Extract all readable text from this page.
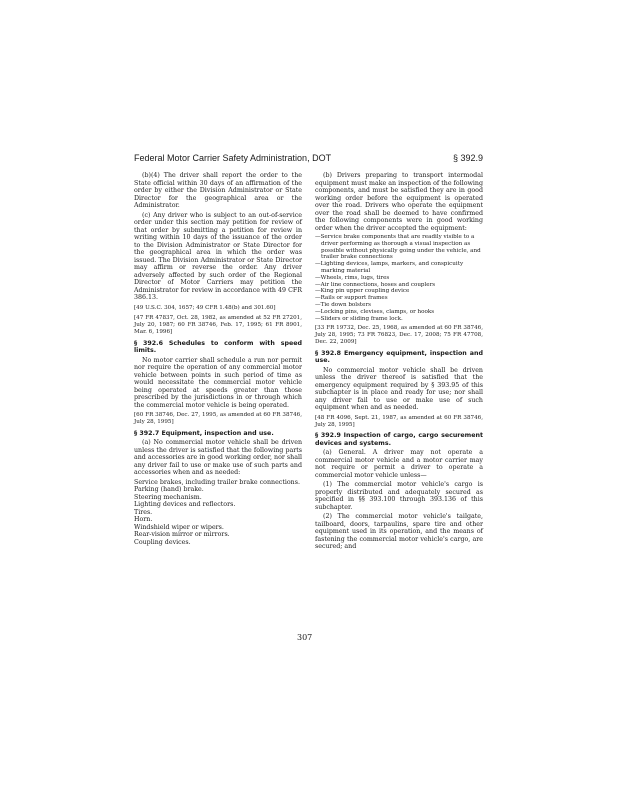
Federal Motor Carrier Safety Administration, DOT	§ 392.9

(b)(4) The driver shall report the order to the State official within 30 days of an affirmation of the order by either the Division Administrator or State Director for the geographical area or the Administrator.

(c) Any driver who is subject to an out-of-service order under this section may petition for review of that order by submitting a petition for review in writing within 10 days of the issuance of the order to the Division Administrator or State Director for the geographical area in which the order was issued. The Division Administrator or State Director may affirm or reverse the order. Any driver adversely affected by such order of the Regional Director of Motor Carriers may petition the Administrator for review in accordance with 49 CFR 386.13.

[49 U.S.C. 304, 1657; 49 CFR 1.48(b) and 301.60]

[47 FR 47837, Oct. 28, 1982, as amended at 52 FR 27201, July 20, 1987; 60 FR 38746, Feb. 17, 1995; 61 FR 8901, Mar. 6, 1996]

§ 392.6 Schedules to conform with speed limits.

No motor carrier shall schedule a run nor permit nor require the operation of any commercial motor vehicle between points in such period of time as would necessitate the commercial motor vehicle being operated at speeds greater than those prescribed by the jurisdictions in or through which the commercial motor vehicle is being operated.

[60 FR 38746, Dec. 27, 1995, as amended at 60 FR 38746, July 28, 1995]

§ 392.7 Equipment, inspection and use.

(a) No commercial motor vehicle shall be driven unless the driver is satisfied that the following parts and accessories are in good working order, nor shall any driver fail to use or make use of such parts and accessories when and as needed:

Service brakes, including trailer brake connections.
Parking (hand) brake.
Steering mechanism.
Lighting devices and reflectors.
Tires.
Horn.
Windshield wiper or wipers.
Rear-vision mirror or mirrors.
Coupling devices.

(b) Drivers preparing to transport intermodal equipment must make an inspection of the following components, and must be satisfied they are in good working order before the equipment is operated over the road. Drivers who operate the equipment over the road shall be deemed to have confirmed the following components were in good working order when the driver accepted the equipment:

—Service brake components that are readily visible to a driver performing as thorough a visual inspection as possible without physically going under the vehicle, and trailer brake connections
—Lighting devices, lamps, markers, and conspicuity marking material
—Wheels, rims, lugs, tires
—Air line connections, hoses and couplers
—King pin upper coupling device
—Rails or support frames
—Tie down bolsters
—Locking pins, clevises, clamps, or hooks
—Sliders or sliding frame lock.

[33 FR 19732, Dec. 25, 1968, as amended at 60 FR 38746, July 28, 1995; 73 FR 76823, Dec. 17, 2008; 75 FR 47708, Dec. 22, 2009]

§ 392.8 Emergency equipment, inspection and use.

No commercial motor vehicle shall be driven unless the driver thereof is satisfied that the emergency equipment required by § 393.95 of this subchapter is in place and ready for use; nor shall any driver fail to use or make use of such equipment when and as needed.

[48 FR 4096, Sept. 21, 1987, as amended at 60 FR 38746, July 28, 1995]

§ 392.9 Inspection of cargo, cargo securement devices and systems.

(a) General. A driver may not operate a commercial motor vehicle and a motor carrier may not require or permit a driver to operate a commercial motor vehicle unless—

(1) The commercial motor vehicle's cargo is properly distributed and adequately secured as specified in §§ 393.100 through 393.136 of this subchapter.

(2) The commercial motor vehicle's tailgate, tailboard, doors, tarpaulins, spare tire and other equipment used in its operation, and the means of fastening the commercial motor vehicle's cargo, are secured; and

307
